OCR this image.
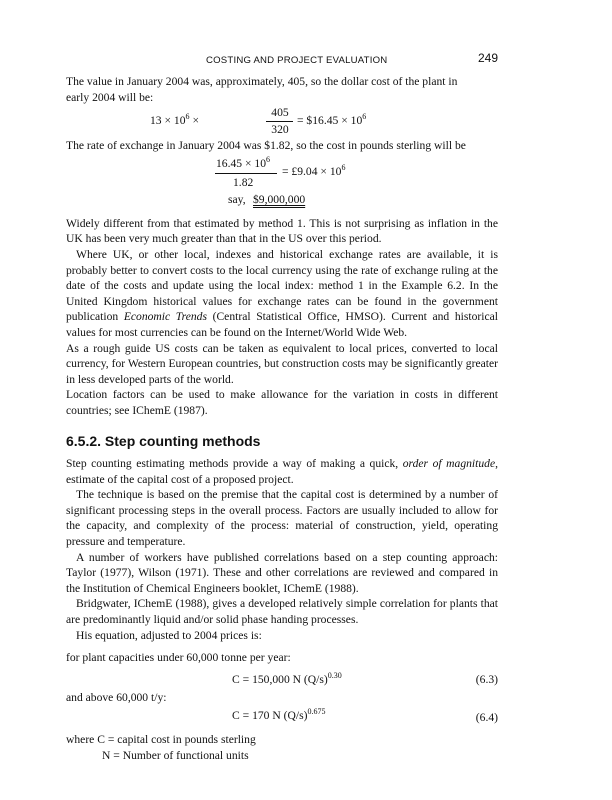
COSTING AND PROJECT EVALUATION	249

The value in January 2004 was, approximately, 405, so the dollar cost of the plant in
early 2004 will be:

$13 \times 10^6$ ×
405
320
= $16.45 × $10^6$

The rate of exchange in January 2004 was $1.82, so the cost in pounds sterling will be

$16.45 \times 10^6$
1.82
= £9.04 × $10^6$
say, $9,000,000

Widely different from that estimated by method 1. This is not surprising as inflation in the UK has been very much greater than that in the US over this period.

Where UK, or other local, indexes and historical exchange rates are available, it is probably better to convert costs to the local currency using the rate of exchange ruling at the date of the costs and update using the local index: method 1 in the Example 6.2. In the United Kingdom historical values for exchange rates can be found in the government publication Economic Trends (Central Statistical Office, HMSO). Current and historical values for most currencies can be found on the Internet/World Wide Web.

As a rough guide US costs can be taken as equivalent to local prices, converted to local currency, for Western European countries, but construction costs may be significantly greater in less developed parts of the world.

Location factors can be used to make allowance for the variation in costs in different countries; see IChemE (1987).

6.5.2. Step counting methods

Step counting estimating methods provide a way of making a quick, order of magnitude, estimate of the capital cost of a proposed project.

The technique is based on the premise that the capital cost is determined by a number of significant processing steps in the overall process. Factors are usually included to allow for the capacity, and complexity of the process: material of construction, yield, operating pressure and temperature.

A number of workers have published correlations based on a step counting approach: Taylor (1977), Wilson (1971). These and other correlations are reviewed and compared in the Institution of Chemical Engineers booklet, IChemE (1988).

Bridgwater, IChemE (1988), gives a developed relatively simple correlation for plants that are predominantly liquid and/or solid phase handing processes.

His equation, adjusted to 2004 prices is:

for plant capacities under 60,000 tonne per year:

C = 150,000 N $(Q/s)^{0.30}$	(6.3)

and above 60,000 t/y:

C = 170 N $(Q/s)^{0.675}$	(6.4)

where C = capital cost in pounds sterling

N = Number of functional units
